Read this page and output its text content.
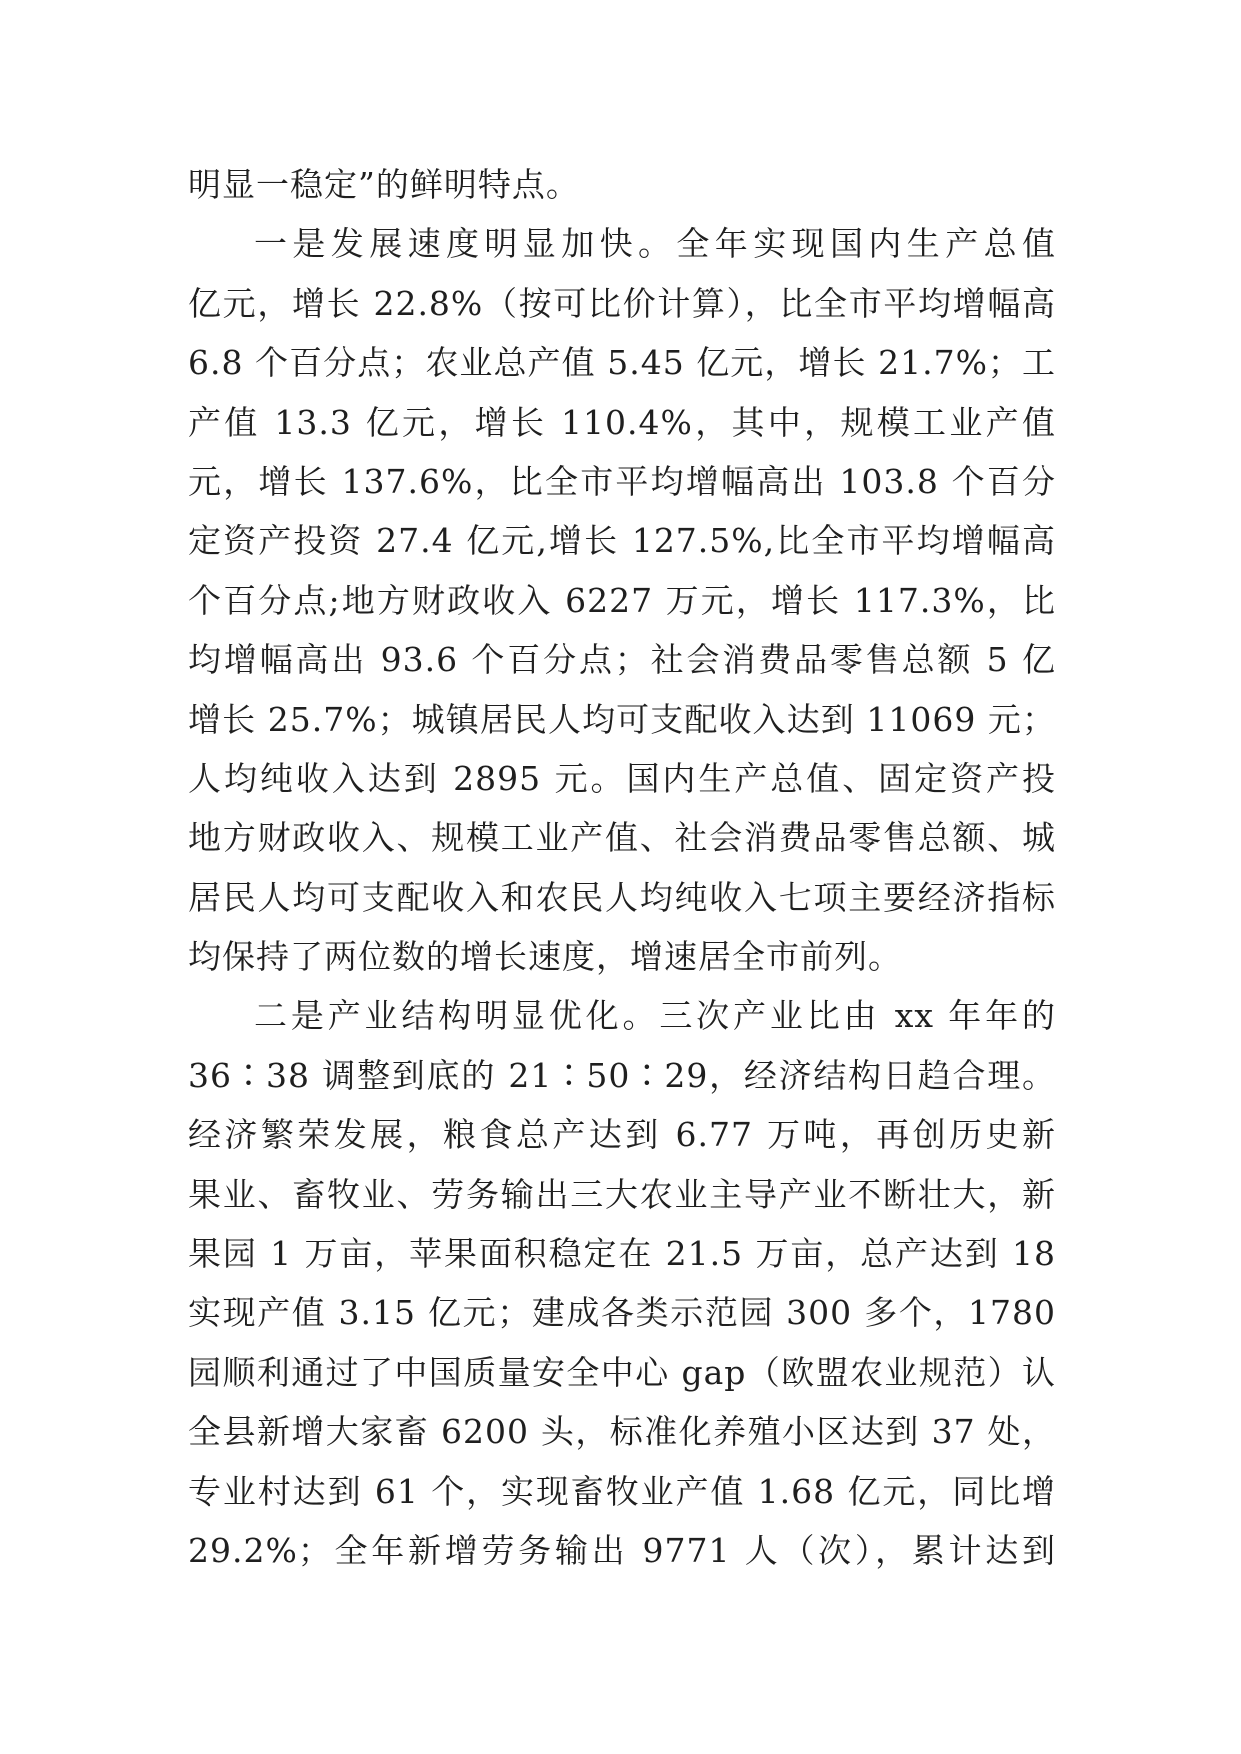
明显一稳定”的鲜明特点。
一是发展速度明显加快。全年实现国内生产总值
亿元，增长 22.8%（按可比价计算），比全市平均增幅高
6.8 个百分点；农业总产值 5.45 亿元，增长 21.7%；工
产值 13.3 亿元，增长 110.4%，其中，规模工业产值
元，增长 137.6%，比全市平均增幅高出 103.8 个百分
定资产投资 27.4 亿元,增长 127.5%,比全市平均增幅高
个百分点;地方财政收入 6227 万元，增长 117.3%，比
均增幅高出 93.6 个百分点；社会消费品零售总额 5 亿
增长 25.7%；城镇居民人均可支配收入达到 11069 元；
人均纯收入达到 2895 元。国内生产总值、固定资产投
地方财政收入、规模工业产值、社会消费品零售总额、城
居民人均可支配收入和农民人均纯收入七项主要经济指标
均保持了两位数的增长速度，增速居全市前列。
二是产业结构明显优化。三次产业比由 xx 年年的
36∶38 调整到底的 21∶50∶29，经济结构日趋合理。
经济繁荣发展，粮食总产达到 6.77 万吨，再创历史新
果业、畜牧业、劳务输出三大农业主导产业不断壮大，新
果园 1 万亩，苹果面积稳定在 21.5 万亩，总产达到 18
实现产值 3.15 亿元；建成各类示范园 300 多个，1780
园顺利通过了中国质量安全中心 gap（欧盟农业规范）认
全县新增大家畜 6200 头，标准化养殖小区达到 37 处，
专业村达到 61 个，实现畜牧业产值 1.68 亿元，同比增
29.2%；全年新增劳务输出 9771 人（次），累计达到
